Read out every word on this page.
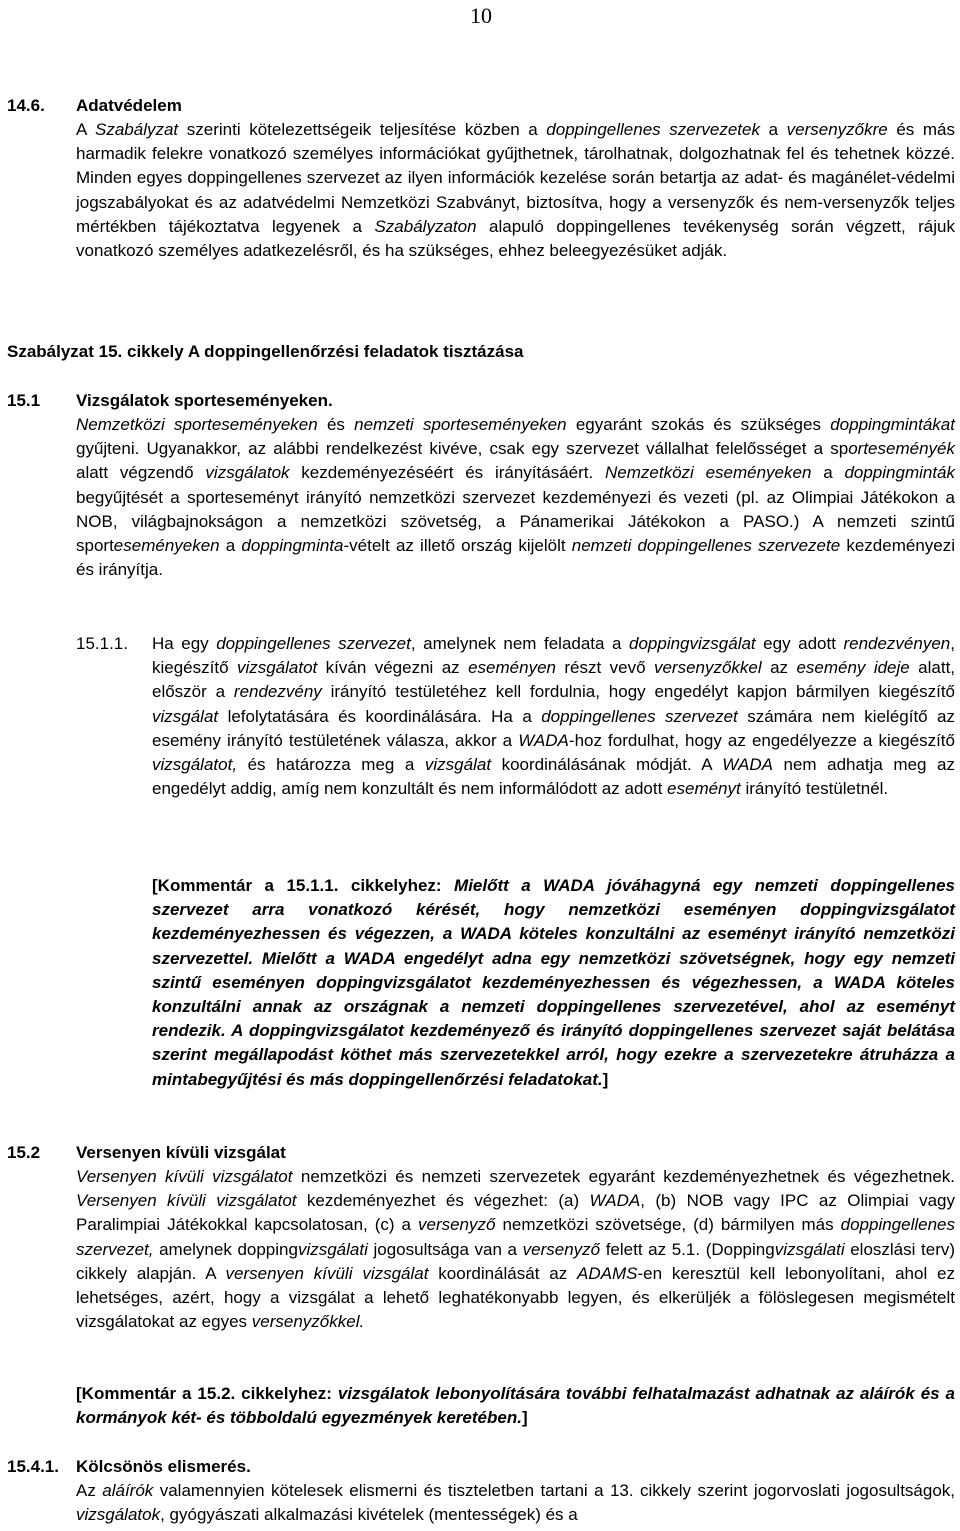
10
14.6. Adatvédelem

A Szabályzat szerinti kötelezettségeik teljesítése közben a doppingellenes szervezetek a versenyzőkre és más harmadik felekre vonatkozó személyes információkat gyűjthetnek, tárolhatnak, dolgozhatnak fel és tehetnek közzé. Minden egyes doppingellenes szervezet az ilyen információk kezelése során betartja az adat- és magánélet-védelmi jogszabályokat és az adatvédelmi Nemzetközi Szabványt, biztosítva, hogy a versenyzők és nem-versenyzők teljes mértékben tájékoztatva legyenek a Szabályzaton alapuló doppingellenes tevékenység során végzett, rájuk vonatkozó személyes adatkezelésről, és ha szükséges, ehhez beleegyezésüket adják.

Szabályzat 15. cikkely A doppingellenőrzési feladatok tisztázása
15.1 Vizsgálatok sporteseményeken.

Nemzetközi sporteseményeken és nemzeti sporteseményeken egyaránt szokás és szükséges doppingmintákat gyűjteni. Ugyanakkor, az alábbi rendelkezést kivéve, csak egy szervezet vállalhat felelősséget a sporteseményék alatt végzendő vizsgálatok kezdeményezéséért és irányításáért. Nemzetközi eseményeken a doppingminták begyűjtését a sporteseményt irányító nemzetközi szervezet kezdeményezi és vezeti (pl. az Olimpiai Játékokon a NOB, világbajnokságon a nemzetközi szövetség, a Pánamerikai Játékokon a PASO.) A nemzeti szintű sporteseményeken a doppingminta-vételt az illető ország kijelölt nemzeti doppingellenes szervezete kezdeményezi és irányítja.

15.1.1. Ha egy doppingellenes szervezet, amelynek nem feladata a doppingvizsgálat egy adott rendezvényen, kiegészítő vizsgálatot kíván végezni az eseményen részt vevő versenyzőkkel az esemény ideje alatt, először a rendezvény irányító testületéhez kell fordulnia, hogy engedélyt kapjon bármilyen kiegészítő vizsgálat lefolytatására és koordinálására. Ha a doppingellenes szervezet számára nem kielégítő az esemény irányító testületének válasza, akkor a WADA-hoz fordulhat, hogy az engedélyezze a kiegészítő vizsgálatot, és határozza meg a vizsgálat koordinálásának módját. A WADA nem adhatja meg az engedélyt addig, amíg nem konzultált és nem informálódott az adott eseményt irányító testületnél.

[Kommentár a 15.1.1. cikkelyhez: Mielőtt a WADA jóváhagyná egy nemzeti doppingellenes szervezet arra vonatkozó kérését, hogy nemzetközi eseményen doppingvizsgálatot kezdeményezhessen és végezzen, a WADA köteles konzultálni az eseményt irányító nemzetközi szervezettel. Mielőtt a WADA engedélyt adna egy nemzetközi szövetségnek, hogy egy nemzeti szintű eseményen doppingvizsgálatot kezdeményezhessen és végezhessen, a WADA köteles konzultálni annak az országnak a nemzeti doppingellenes szervezetével, ahol az eseményt rendezik. A doppingvizsgálatot kezdeményező és irányító doppingellenes szervezet saját belátása szerint megállapodást köthet más szervezetekkel arról, hogy ezekre a szervezetekre átruházza a mintabegyűjtési és más doppingellenőrzési feladatokat.]

15.2 Versenyen kívüli vizsgálat

Versenyen kívüli vizsgálatot nemzetközi és nemzeti szervezetek egyaránt kezdeményezhetnek és végezhetnek. Versenyen kívüli vizsgálatot kezdeményezhet és végezhet: (a) WADA, (b) NOB vagy IPC az Olimpiai vagy Paralimpiai Játékokkal kapcsolatosan, (c) a versenyző nemzetközi szövetsége, (d) bármilyen más doppingellenes szervezet, amelynek doppingvizsgálati jogosultsága van a versenyző felett az 5.1. (Doppingvizsgálati eloszlási terv) cikkely alapján. A versenyen kívüli vizsgálat koordinálását az ADAMS-en keresztül kell lebonyolítani, ahol ez lehetséges, azért, hogy a vizsgálat a lehető leghatékonyabb legyen, és elkerüljék a fölöslegesen megismételt vizsgálatokat az egyes versenyzőkkel.

[Kommentár a 15.2. cikkelyhez: vizsgálatok lebonyolítására további felhatalmazást adhatnak az aláírók és a kormányok két- és többoldalú egyezmények keretében.]

15.4.1. Kölcsönös elismerés.

Az aláírók valamennyien kötelesek elismerni és tiszteletben tartani a 13. cikkely szerint jogorvoslati jogosultságok, vizsgálatok, gyógyászati alkalmazási kivételek (mentességek) és a
